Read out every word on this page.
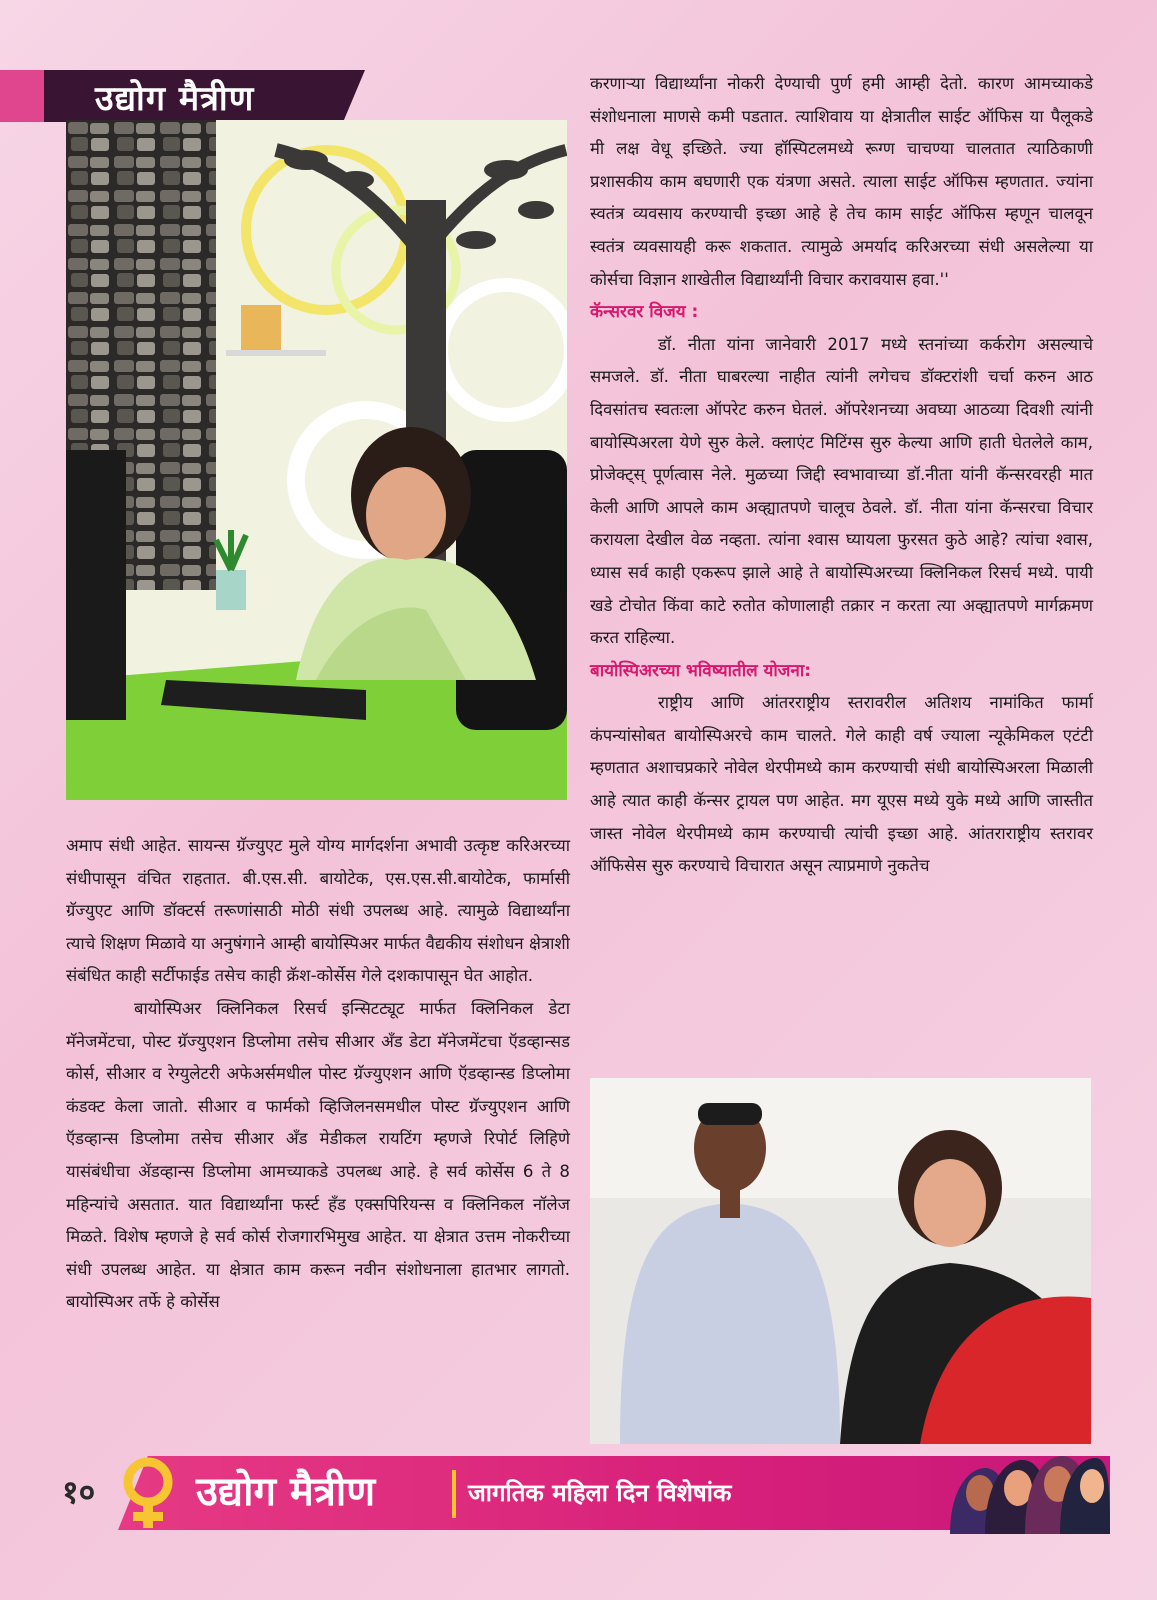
उद्योग मैत्रीण

अमाप संधी आहेत. सायन्स ग्रॅज्युएट मुले योग्य मार्गदर्शना अभावी उत्कृष्ट करिअरच्या संधीपासून वंचित राहतात. बी.एस.सी. बायोटेक, एस.एस.सी.बायोटेक, फार्मासी ग्रॅज्युएट आणि डॉक्टर्स तरूणांसाठी मोठी संधी उपलब्ध आहे. त्यामुळे विद्यार्थ्यांना त्याचे शिक्षण मिळावे या अनुषंगाने आम्ही बायोस्पिअर मार्फत वैद्यकीय संशोधन क्षेत्राशी संबंधित काही सर्टीफाईड तसेच काही क्रॅश-कोर्सेस गेले दशकापासून घेत आहोत.

बायोस्पिअर क्लिनिकल रिसर्च इन्सिटट्यूट मार्फत क्लिनिकल डेटा मॅनेजमेंटचा, पोस्ट ग्रॅज्युएशन डिप्लोमा तसेच सीआर अँड डेटा मॅनेजमेंटचा ऍडव्हान्सड कोर्स, सीआर व रेग्युलेटरी अफेअर्समधील पोस्ट ग्रॅज्युएशन आणि ऍडव्हान्स्ड डिप्लोमा कंडक्ट केला जातो. सीआर व फार्मको व्हिजिलनसमधील पोस्ट ग्रॅज्युएशन आणि ऍडव्हान्स डिप्लोमा तसेच सीआर अँड मेडीकल रायटिंग म्हणजे रिपोर्ट लिहिणे यासंबंधीचा ॲडव्हान्स डिप्लोमा आमच्याकडे उपलब्ध आहे. हे सर्व कोर्सेस 6 ते 8 महिन्यांचे असतात. यात विद्यार्थ्यांना फर्स्ट हॅंड एक्सपिरियन्स व क्लिनिकल नॉलेज मिळते. विशेष म्हणजे हे सर्व कोर्स रोजगारभिमुख आहेत. या क्षेत्रात उत्तम नोकरीच्या संधी उपलब्ध आहेत. या क्षेत्रात काम करून नवीन संशोधनाला हातभार लागतो. बायोस्पिअर तर्फे हे कोर्सेस

करणाऱ्या विद्यार्थ्यांना नोकरी देण्याची पुर्ण हमी आम्ही देतो. कारण आमच्याकडे संशोधनाला माणसे कमी पडतात. त्याशिवाय या क्षेत्रातील साईट ऑफिस या पैलूकडे मी लक्ष वेधू इच्छिते. ज्या हॉस्पिटलमध्ये रूग्ण चाचण्या चालतात त्याठिकाणी प्रशासकीय काम बघणारी एक यंत्रणा असते. त्याला साईट ऑफिस म्हणतात. ज्यांना स्वतंत्र व्यवसाय करण्याची इच्छा आहे हे तेच काम साईट ऑफिस म्हणून चालवून स्वतंत्र व्यवसायही करू शकतात. त्यामुळे अमर्याद करिअरच्या संधी असलेल्या या कोर्सचा विज्ञान शाखेतील विद्यार्थ्यांनी विचार करावयास हवा.''

कॅन्सरवर विजय :

डॉ. नीता यांना जानेवारी 2017 मध्ये स्तनांच्या कर्करोग असल्याचे समजले. डॉ. नीता घाबरल्या नाहीत त्यांनी लगेचच डॉक्टरांशी चर्चा करुन आठ दिवसांतच स्वतःला ऑपरेट करुन घेतलं. ऑपरेशनच्या अवघ्या आठव्या दिवशी त्यांनी बायोस्पिअरला येणे सुरु केले. क्लाएंट मिटिंग्स सुरु केल्या आणि हाती घेतलेले काम, प्रोजेक्ट्स् पूर्णत्वास नेले. मुळच्या जिद्दी स्वभावाच्या डॉ.नीता यांनी कॅन्सरवरही मात केली आणि आपले काम अव्ह्यातपणे चालूच ठेवले. डॉ. नीता यांना कॅन्सरचा विचार करायला देखील वेळ नव्हता. त्यांना श्वास घ्यायला फुरसत कुठे आहे? त्यांचा श्वास, ध्यास सर्व काही एकरूप झाले आहे ते बायोस्पिअरच्या क्लिनिकल रिसर्च मध्ये. पायी खडे टोचोत किंवा काटे रुतोत कोणालाही तक्रार न करता त्या अव्ह्यातपणे मार्गक्रमण करत राहिल्या.

बायोस्पिअरच्या भविष्यातील योजना:

राष्ट्रीय आणि आंतरराष्ट्रीय स्तरावरील अतिशय नामांकित फार्मा कंपन्यांसोबत बायोस्पिअरचे काम चालते. गेले काही वर्ष ज्याला न्यूकेमिकल एटंटी म्हणतात अशाचप्रकारे नोवेल थेरपीमध्ये काम करण्याची संधी बायोस्पिअरला मिळाली आहे त्यात काही कॅन्सर ट्रायल पण आहेत. मग यूएस मध्ये युके मध्ये आणि जास्तीत जास्त नोवेल थेरपीमध्ये काम करण्याची त्यांची इच्छा आहे. आंतराराष्ट्रीय स्तरावर ऑफिसेस सुरु करण्याचे विचारात असून त्याप्रमाणे नुकतेच

१०	उद्योग मैत्रीण	जागतिक महिला दिन विशेषांक
